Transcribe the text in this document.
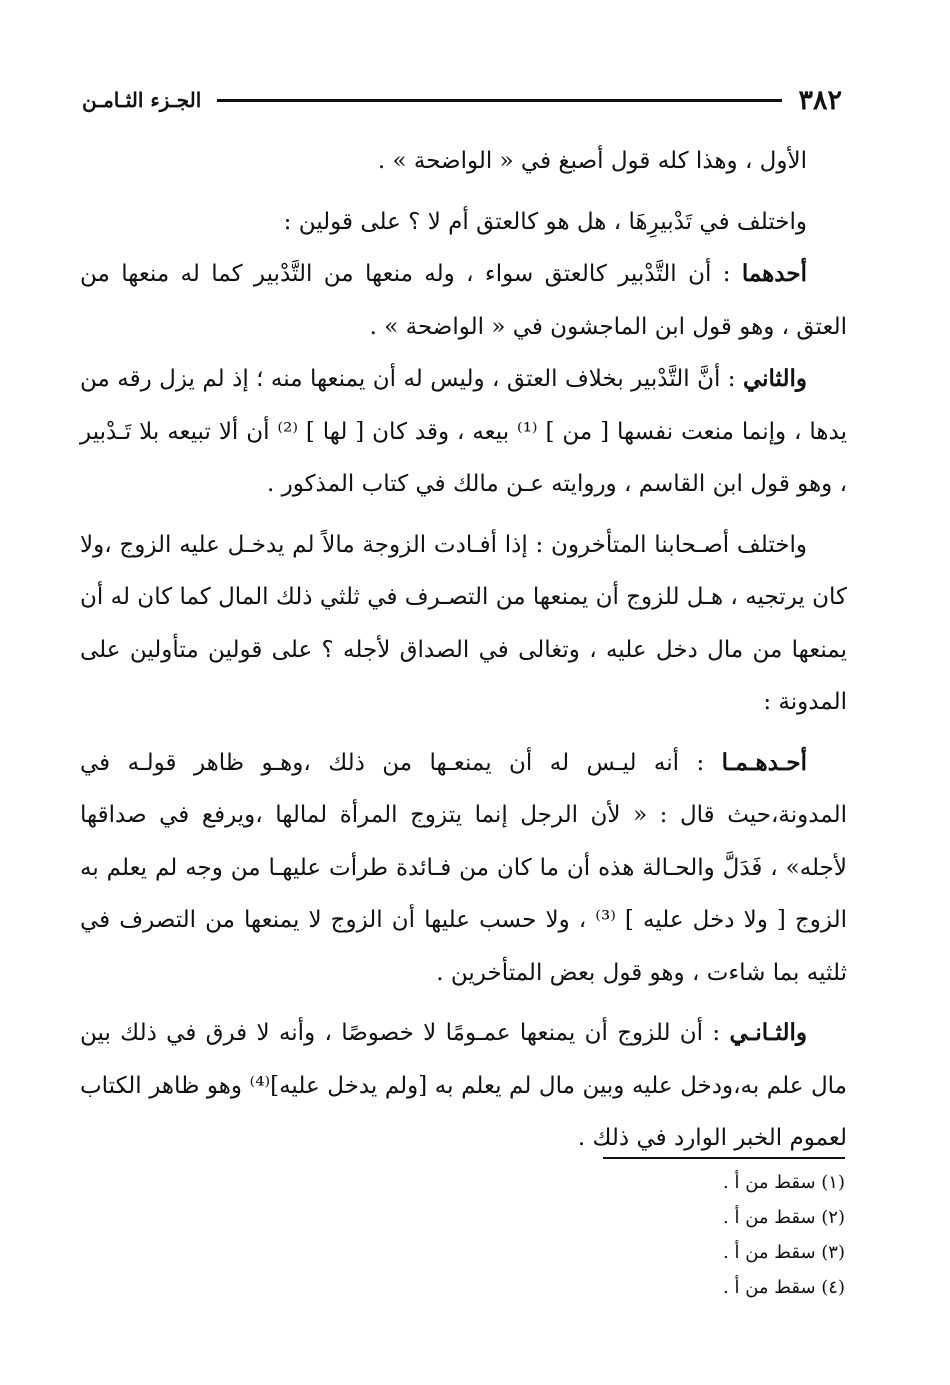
٣٨٢
الجـزء الثـامـن

الأول ، وهذا كله قول أصبغ في « الواضحة » .

واختلف في تَدْبيرِهَا ، هل هو كالعتق أم لا ؟ على قولين :

أحدهما : أن التَّدْبير كالعتق سواء ، وله منعها من التَّدْبير كما له منعها من العتق ، وهو قول ابن الماجشون في « الواضحة » .

والثاني : أنَّ التَّدْبير بخلاف العتق ، وليس له أن يمنعها منه ؛ إذ لم يزل رقه من يدها ، وإنما منعت نفسها [ من ] ⁽¹⁾ بيعه ، وقد كان [ لها ] ⁽²⁾ أن ألا تبيعه بلا تَـدْبير ، وهو قول ابن القاسم ، وروايته عـن مالك في كتاب المذكور .

واختلف أصـحابنا المتأخرون : إذا أفـادت الزوجة مالاً لم يدخـل عليه الزوج ،ولا كان يرتجيه ، هـل للزوج أن يمنعها من التصـرف في ثلثي ذلك المال كما كان له أن يمنعها من مال دخل عليه ، وتغالى في الصداق لأجله ؟ على قولين متأولين على المدونة :

أحـدهـمـا : أنه ليـس له أن يمنعـها من ذلك ،وهـو ظاهر قولـه في المدونة،حيث قال : « لأن الرجل إنما يتزوج المرأة لمالها ،ويرفع في صداقها لأجله» ، فَدَلَّ والحـالة هذه أن ما كان من فـائدة طرأت عليهـا من وجه لم يعلم به الزوج [ ولا دخل عليه ] ⁽³⁾ ، ولا حسب عليها أن الزوج لا يمنعها من التصرف في ثلثيه بما شاءت ، وهو قول بعض المتأخرين .

والثـانـي : أن للزوج أن يمنعها عمـومًا لا خصوصًا ، وأنه لا فرق في ذلك بين مال علم به،ودخل عليه وبين مال لم يعلم به [ولم يدخل عليه]⁽⁴⁾ وهو ظاهر الكتاب لعموم الخبر الوارد في ذلك .

(١) سقط من أ .
(٢) سقط من أ .
(٣) سقط من أ .
(٤) سقط من أ .
